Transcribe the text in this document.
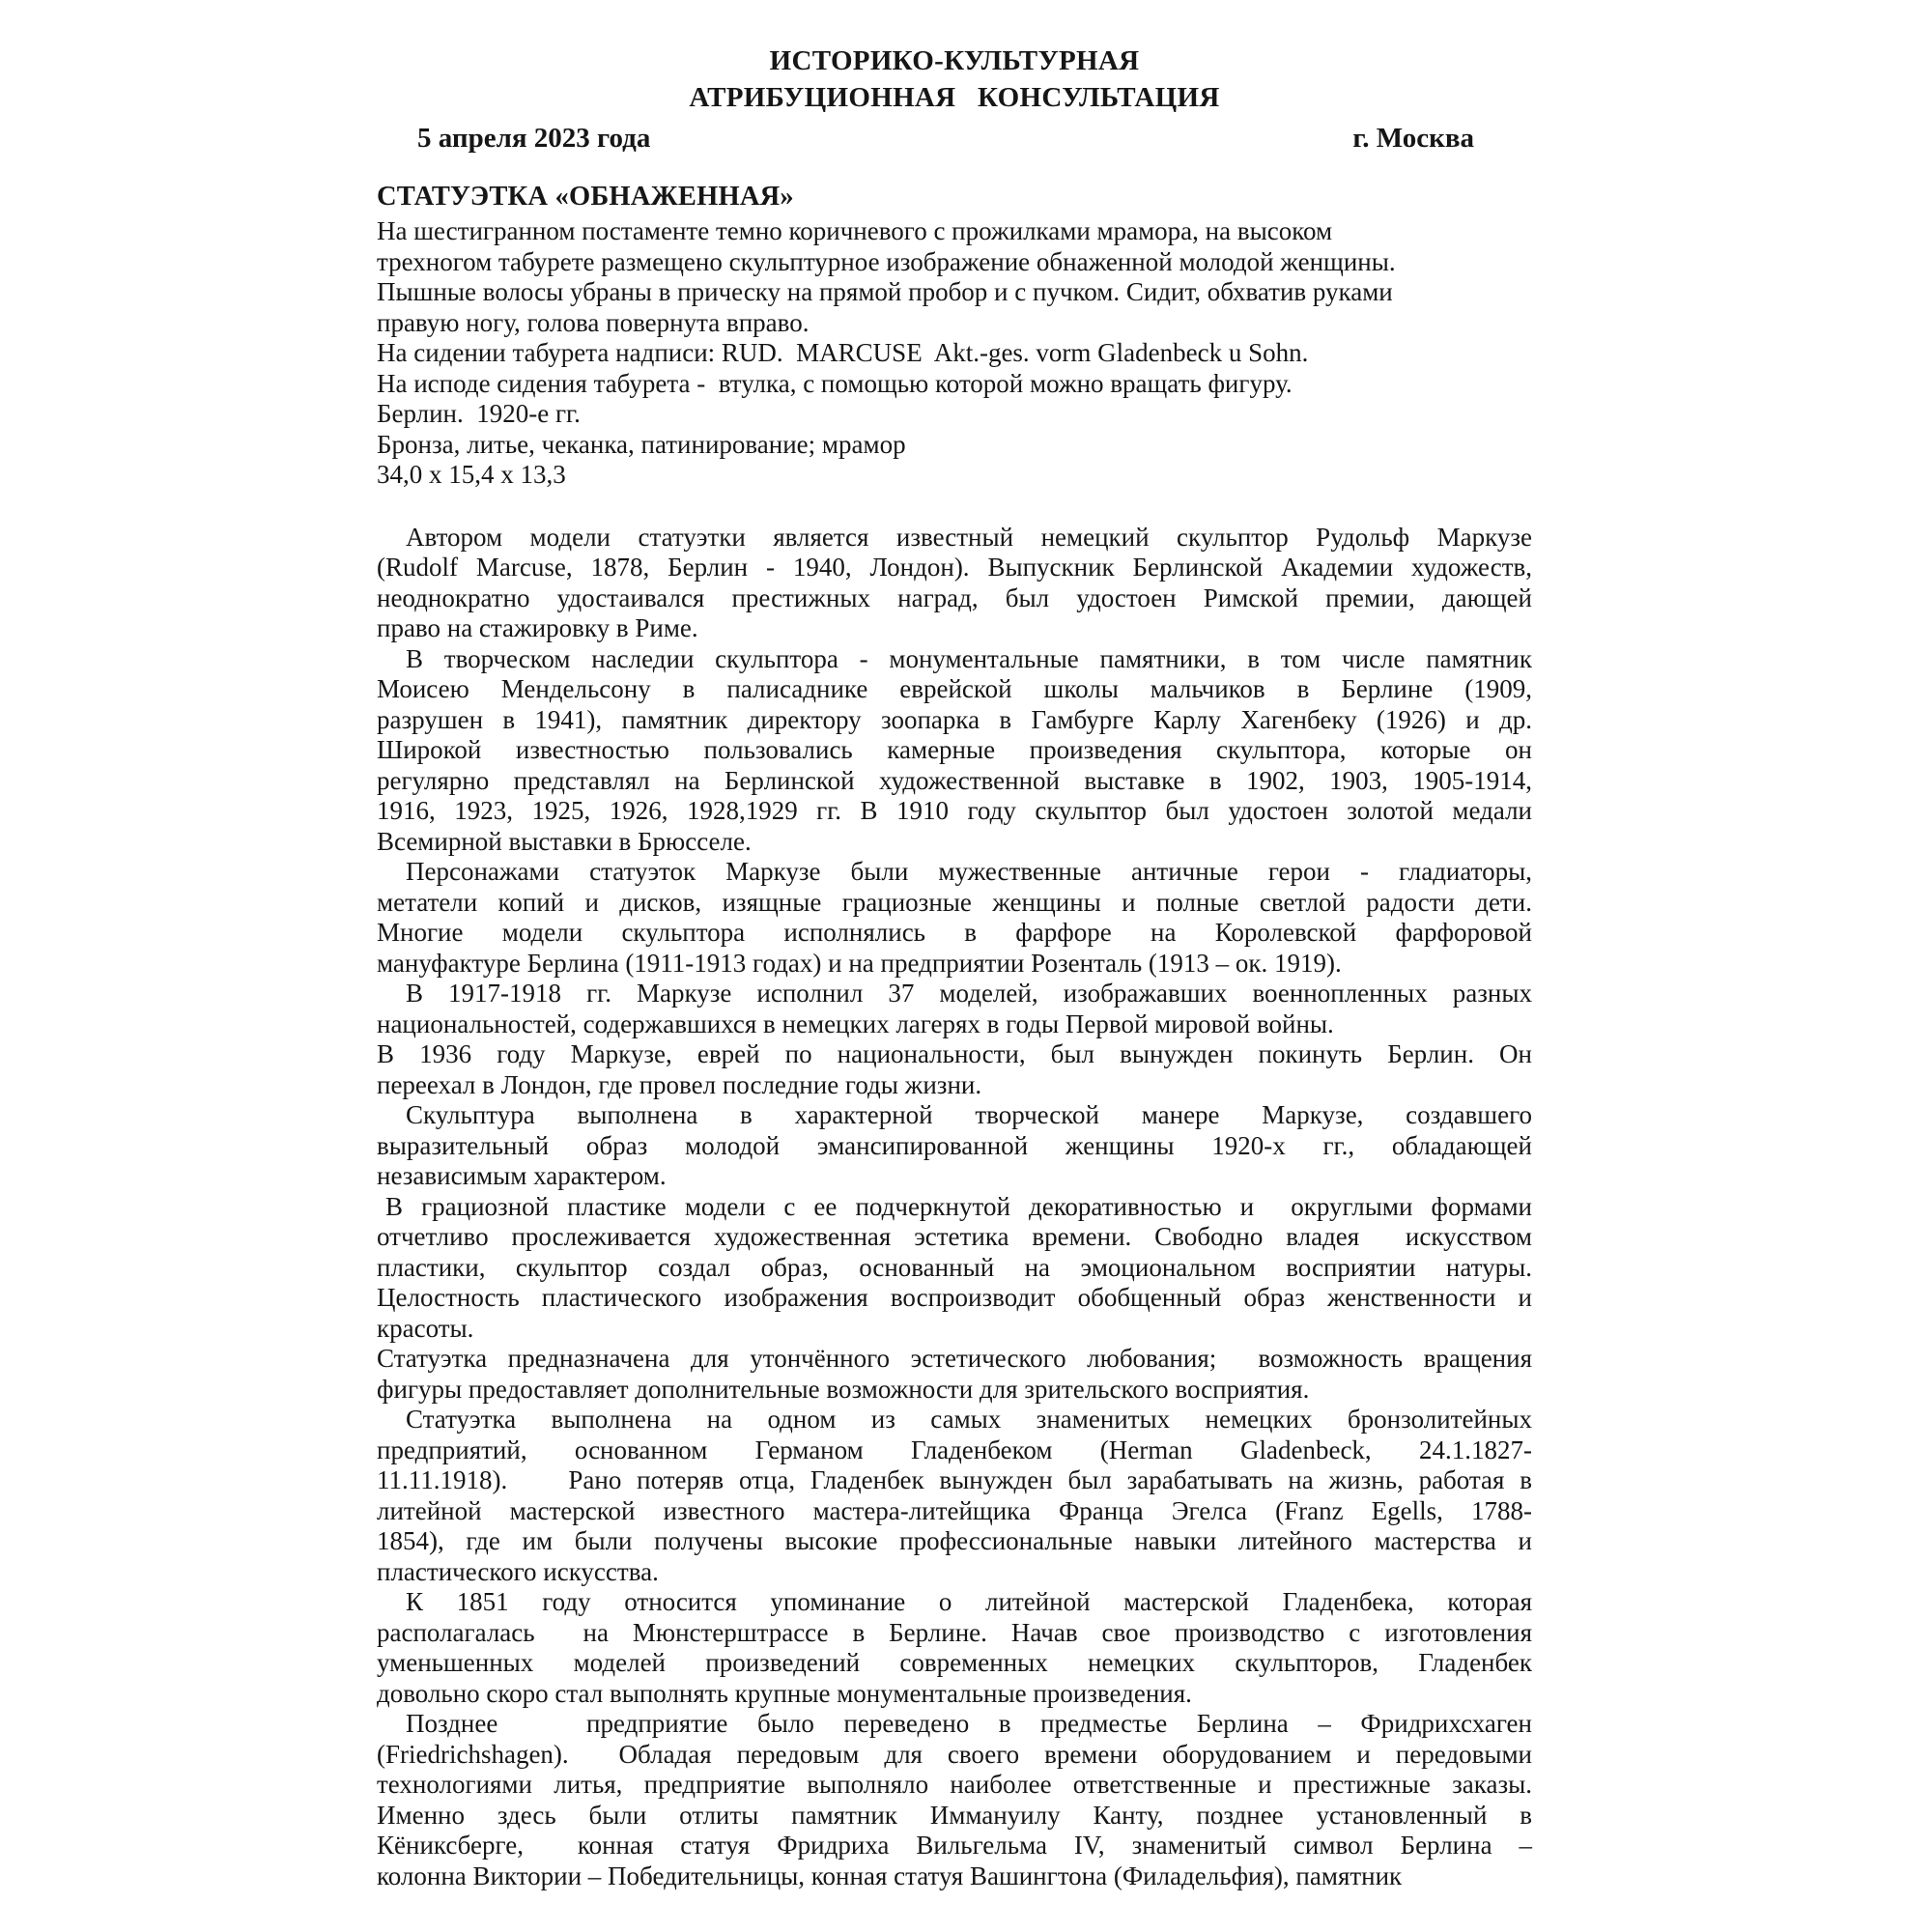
ИСТОРИКО-КУЛЬТУРНАЯ
АТРИБУЦИОННАЯ   КОНСУЛЬТАЦИЯ
5 апреля 2023 года	г. Москва
СТАТУЭТКА «ОБНАЖЕННАЯ»
На шестигранном постаменте темно коричневого с прожилками мрамора, на высоком
трехногом табурете размещено скульптурное изображение обнаженной молодой женщины.
Пышные волосы убраны в прическу на прямой пробор и с пучком. Сидит, обхватив руками
правую ногу, голова повернута вправо.
На сидении табурета надписи: RUD.  MARCUSE  Akt.-ges. vorm Gladenbeck u Sohn.
На исподе сидения табурета -  втулка, с помощью которой можно вращать фигуру.
Берлин.  1920-е гг.
Бронза, литье, чеканка, патинирование; мрамор
34,0 х 15,4 х 13,3
Автором модели статуэтки является известный немецкий скульптор Рудольф Маркузе
(Rudolf Marcuse, 1878, Берлин - 1940, Лондон). Выпускник Берлинской Академии художеств,
неоднократно удостаивался престижных наград, был удостоен Римской премии, дающей
право на стажировку в Риме.
В творческом наследии скульптора - монументальные памятники, в том числе памятник
Моисею Мендельсону в палисаднике еврейской школы мальчиков в Берлине (1909,
разрушен в 1941), памятник директору зоопарка в Гамбурге Карлу Хагенбеку (1926) и др.
Широкой известностью пользовались камерные произведения скульптора, которые он
регулярно представлял на Берлинской художественной выставке в 1902, 1903, 1905-1914,
1916, 1923, 1925, 1926, 1928,1929 гг. В 1910 году скульптор был удостоен золотой медали
Всемирной выставки в Брюсселе.
Персонажами статуэток Маркузе были мужественные античные герои - гладиаторы,
метатели копий и дисков, изящные грациозные женщины и полные светлой радости дети.
Многие модели скульптора исполнялись в фарфоре на Королевской фарфоровой
мануфактуре Берлина (1911-1913 годах) и на предприятии Розенталь (1913 – ок. 1919).
В 1917-1918 гг. Маркузе исполнил 37 моделей, изображавших военнопленных разных
национальностей, содержавшихся в немецких лагерях в годы Первой мировой войны.
В 1936 году Маркузе, еврей по национальности, был вынужден покинуть Берлин. Он
переехал в Лондон, где провел последние годы жизни.
Скульптура выполнена в характерной творческой манере Маркузе, создавшего
выразительный образ молодой эмансипированной женщины 1920-х гг., обладающей
независимым характером.
В грациозной пластике модели с ее подчеркнутой декоративностью и  округлыми формами
отчетливо прослеживается художественная эстетика времени. Свободно владея  искусством
пластики, скульптор создал образ, основанный на эмоциональном восприятии натуры.
Целостность пластического изображения воспроизводит обобщенный образ женственности и
красоты.
Статуэтка предназначена для утончённого эстетического любования;  возможность вращения
фигуры предоставляет дополнительные возможности для зрительского восприятия.
Статуэтка выполнена на одном из самых знаменитых немецких бронзолитейных
предприятий, основанном Германом Гладенбеком (Herman Gladenbeck, 24.1.1827-
11.11.1918).    Рано потеряв отца, Гладенбек вынужден был зарабатывать на жизнь, работая в
литейной мастерской известного мастера-литейщика Франца Эгелса (Franz Egells, 1788-
1854), где им были получены высокие профессиональные навыки литейного мастерства и
пластического искусства.
К 1851 году относится упоминание о литейной мастерской Гладенбека, которая
располагалась  на Мюнстерштрассе в Берлине. Начав свое производство с изготовления
уменьшенных моделей произведений современных немецких скульпторов, Гладенбек
довольно скоро стал выполнять крупные монументальные произведения.
Позднее   предприятие было переведено в предместье Берлина – Фридрихсхаген
(Friedrichshagen).  Обладая передовым для своего времени оборудованием и передовыми
технологиями литья, предприятие выполняло наиболее ответственные и престижные заказы.
Именно здесь были отлиты памятник Иммануилу Канту, позднее установленный в
Кёниксберге,  конная статуя Фридриха Вильгельма IV, знаменитый символ Берлина –
колонна Виктории – Победительницы, конная статуя Вашингтона (Филадельфия), памятник
